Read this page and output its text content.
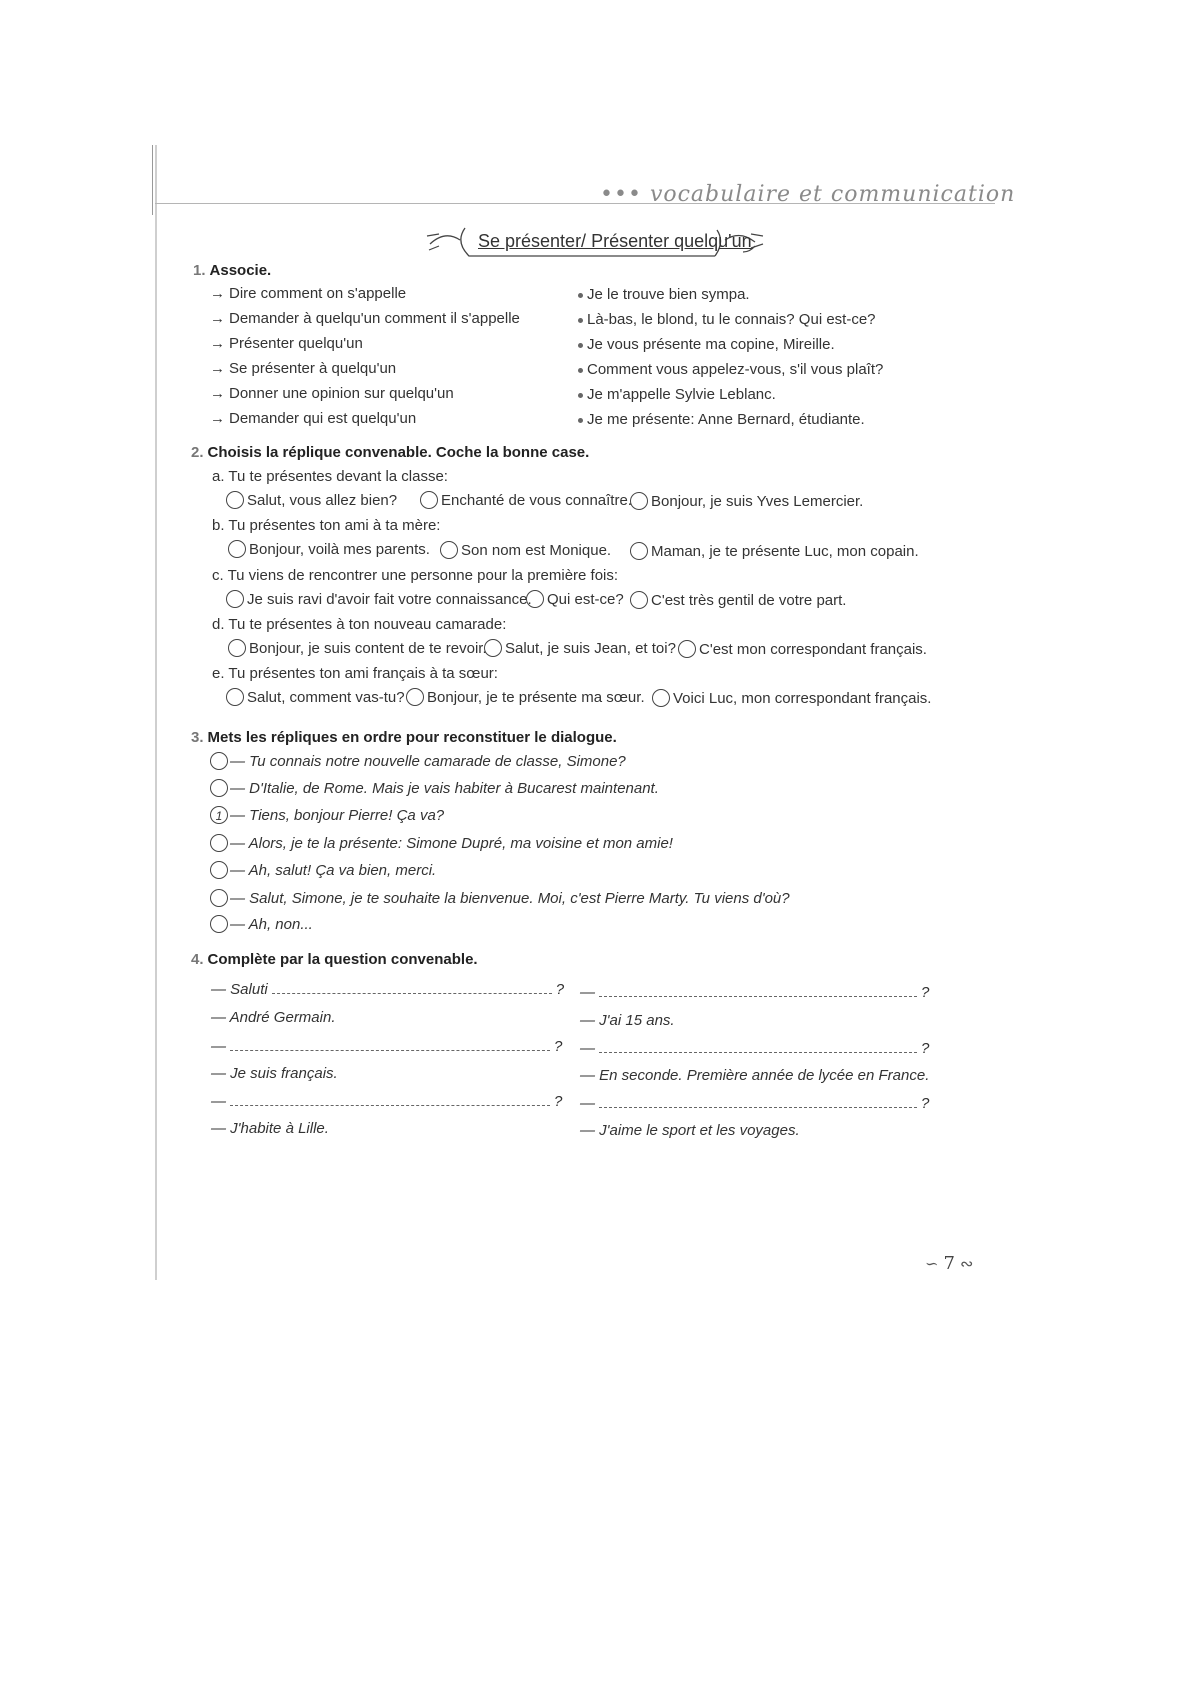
••• vocabulaire et communication
Se présenter/ Présenter quelqu'un
1. Associe.
→ Dire comment on s'appelle
→ Demander à quelqu'un comment il s'appelle
→ Présenter quelqu'un
→ Se présenter à quelqu'un
→ Donner une opinion sur quelqu'un
→ Demander qui est quelqu'un
Je le trouve bien sympa.
Là-bas, le blond, tu le connais? Qui est-ce?
Je vous présente ma copine, Mireille.
Comment vous appelez-vous, s'il vous plaît?
Je m'appelle Sylvie Leblanc.
Je me présente: Anne Bernard, étudiante.
2. Choisis la réplique convenable. Coche la bonne case.
a. Tu te présentes devant la classe:
Salut, vous allez bien?	Enchanté de vous connaître. Bonjour, je suis Yves Lemercier.
b. Tu présentes ton ami à ta mère:
Bonjour, voilà mes parents. Son nom est Monique.	Maman, je te présente Luc, mon copain.
c. Tu viens de rencontrer une personne pour la première fois:
Je suis ravi d'avoir fait votre connaissance. Qui est-ce? C'est très gentil de votre part.
d. Tu te présentes à ton nouveau camarade:
Bonjour, je suis content de te revoir. Salut, je suis Jean, et toi? C'est mon correspondant français.
e. Tu présentes ton ami français à ta sœur:
Salut, comment vas-tu? Bonjour, je te présente ma sœur. Voici Luc, mon correspondant français.
3. Mets les répliques en ordre pour reconstituer le dialogue.
— Tu connais notre nouvelle camarade de classe, Simone?
— D'Italie, de Rome. Mais je vais habiter à Bucarest maintenant.
1 — Tiens, bonjour Pierre! Ça va?
— Alors, je te la présente: Simone Dupré, ma voisine et mon amie!
— Ah, salut! Ça va bien, merci.
— Salut, Simone, je te souhaite la bienvenue. Moi, c'est Pierre Marty. Tu viens d'où?
— Ah, non...
4. Complète par la question convenable.
— Saluti	?
— André Germain.
—	?
— Je suis français.
—	?
— J'habite à Lille.
—	?
— J'ai 15 ans.
—	?
— En seconde. Première année de lycée en France.
—	?
— J'aime le sport et les voyages.
∽ 7 ∾
